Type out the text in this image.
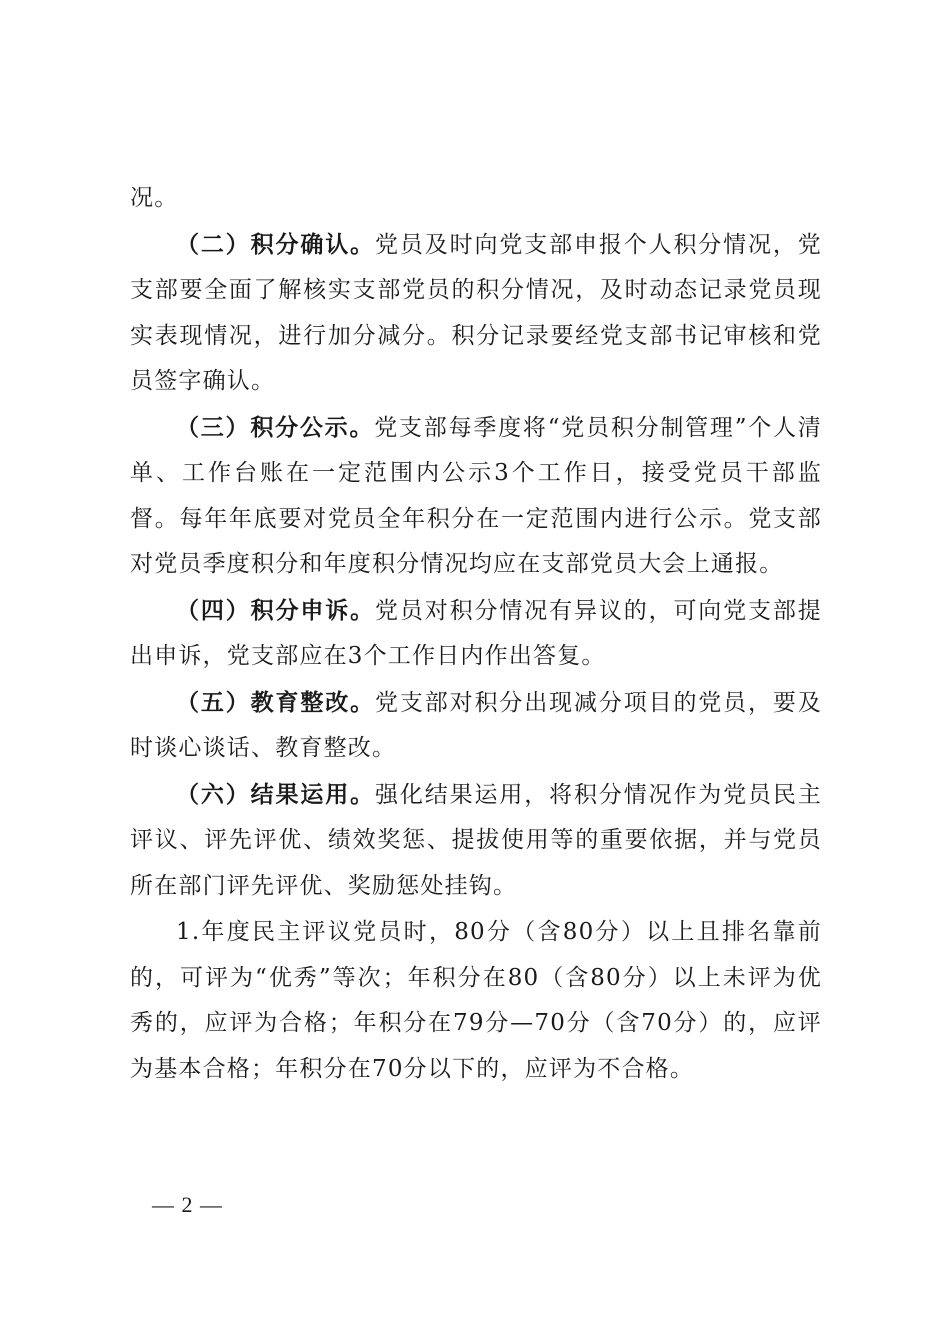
况。

（二）积分确认。党员及时向党支部申报个人积分情况，党支部要全面了解核实支部党员的积分情况，及时动态记录党员现实表现情况，进行加分减分。积分记录要经党支部书记审核和党员签字确认。

（三）积分公示。党支部每季度将“党员积分制管理”个人清单、工作台账在一定范围内公示3个工作日，接受党员干部监督。每年年底要对党员全年积分在一定范围内进行公示。党支部对党员季度积分和年度积分情况均应在支部党员大会上通报。

（四）积分申诉。党员对积分情况有异议的，可向党支部提出申诉，党支部应在3个工作日内作出答复。

（五）教育整改。党支部对积分出现减分项目的党员，要及时谈心谈话、教育整改。

（六）结果运用。强化结果运用，将积分情况作为党员民主评议、评先评优、绩效奖惩、提拔使用等的重要依据，并与党员所在部门评先评优、奖励惩处挂钩。

1.年度民主评议党员时，80分（含80分）以上且排名靠前的，可评为“优秀”等次；年积分在80（含80分）以上未评为优秀的，应评为合格；年积分在79分—70分（含70分）的，应评为基本合格；年积分在70分以下的，应评为不合格。

— 2 —
